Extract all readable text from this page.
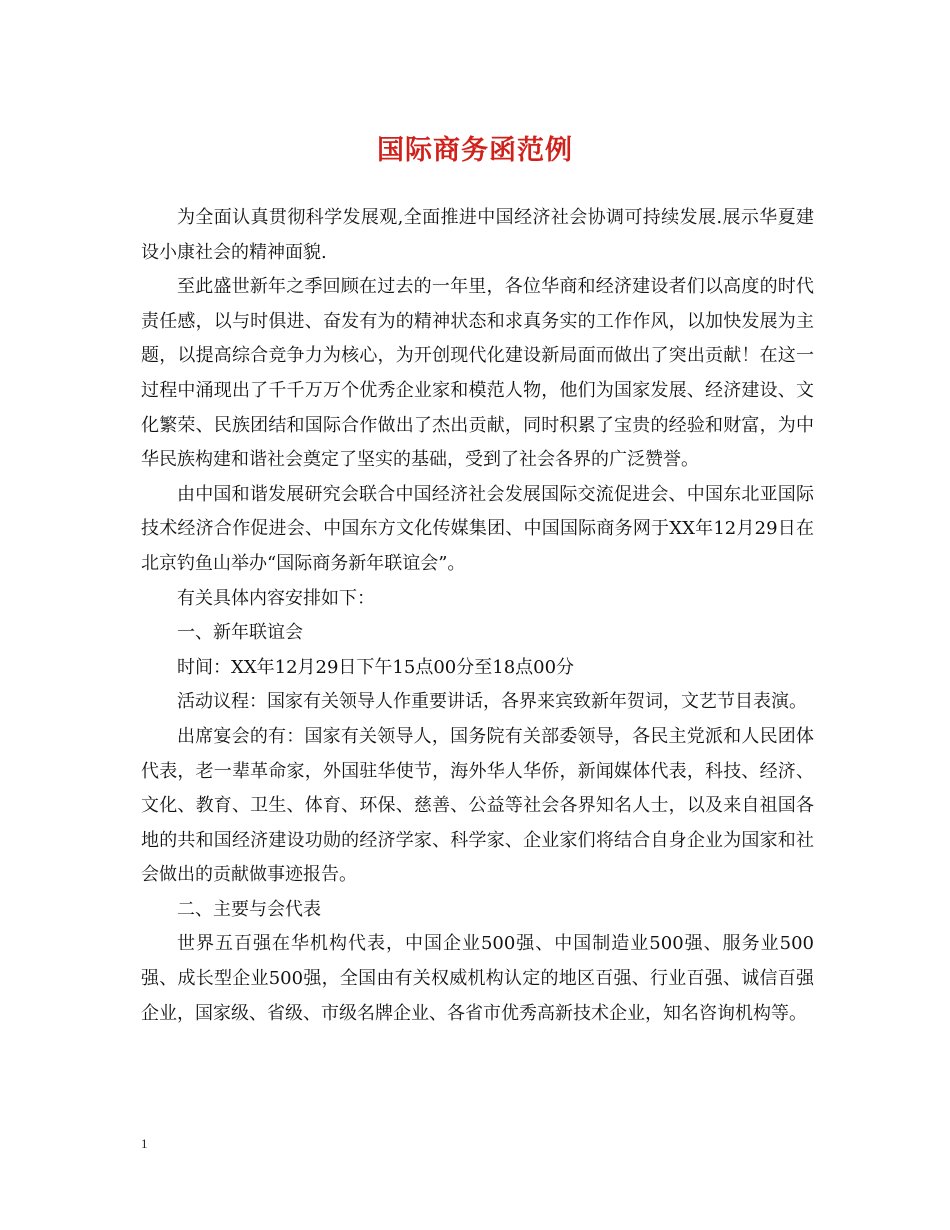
国际商务函范例

为全面认真贯彻科学发展观,全面推进中国经济社会协调可持续发展.展示华夏建设小康社会的精神面貌.

至此盛世新年之季回顾在过去的一年里，各位华商和经济建设者们以高度的时代责任感，以与时俱进、奋发有为的精神状态和求真务实的工作作风，以加快发展为主题，以提高综合竞争力为核心，为开创现代化建设新局面而做出了突出贡献！在这一过程中涌现出了千千万万个优秀企业家和模范人物，他们为国家发展、经济建设、文化繁荣、民族团结和国际合作做出了杰出贡献，同时积累了宝贵的经验和财富，为中华民族构建和谐社会奠定了坚实的基础，受到了社会各界的广泛赞誉。

由中国和谐发展研究会联合中国经济社会发展国际交流促进会、中国东北亚国际技术经济合作促进会、中国东方文化传媒集团、中国国际商务网于XX年12月29日在北京钓鱼山举办“国际商务新年联谊会”。

有关具体内容安排如下：

一、新年联谊会

时间：XX年12月29日下午15点00分至18点00分

活动议程：国家有关领导人作重要讲话，各界来宾致新年贺词，文艺节目表演。

出席宴会的有：国家有关领导人，国务院有关部委领导，各民主党派和人民团体代表，老一辈革命家，外国驻华使节，海外华人华侨，新闻媒体代表，科技、经济、文化、教育、卫生、体育、环保、慈善、公益等社会各界知名人士，以及来自祖国各地的共和国经济建设功勋的经济学家、科学家、企业家们将结合自身企业为国家和社会做出的贡献做事迹报告。

二、主要与会代表

世界五百强在华机构代表，中国企业500强、中国制造业500强、服务业500强、成长型企业500强，全国由有关权威机构认定的地区百强、行业百强、诚信百强企业，国家级、省级、市级名牌企业、各省市优秀高新技术企业，知名咨询机构等。

1
